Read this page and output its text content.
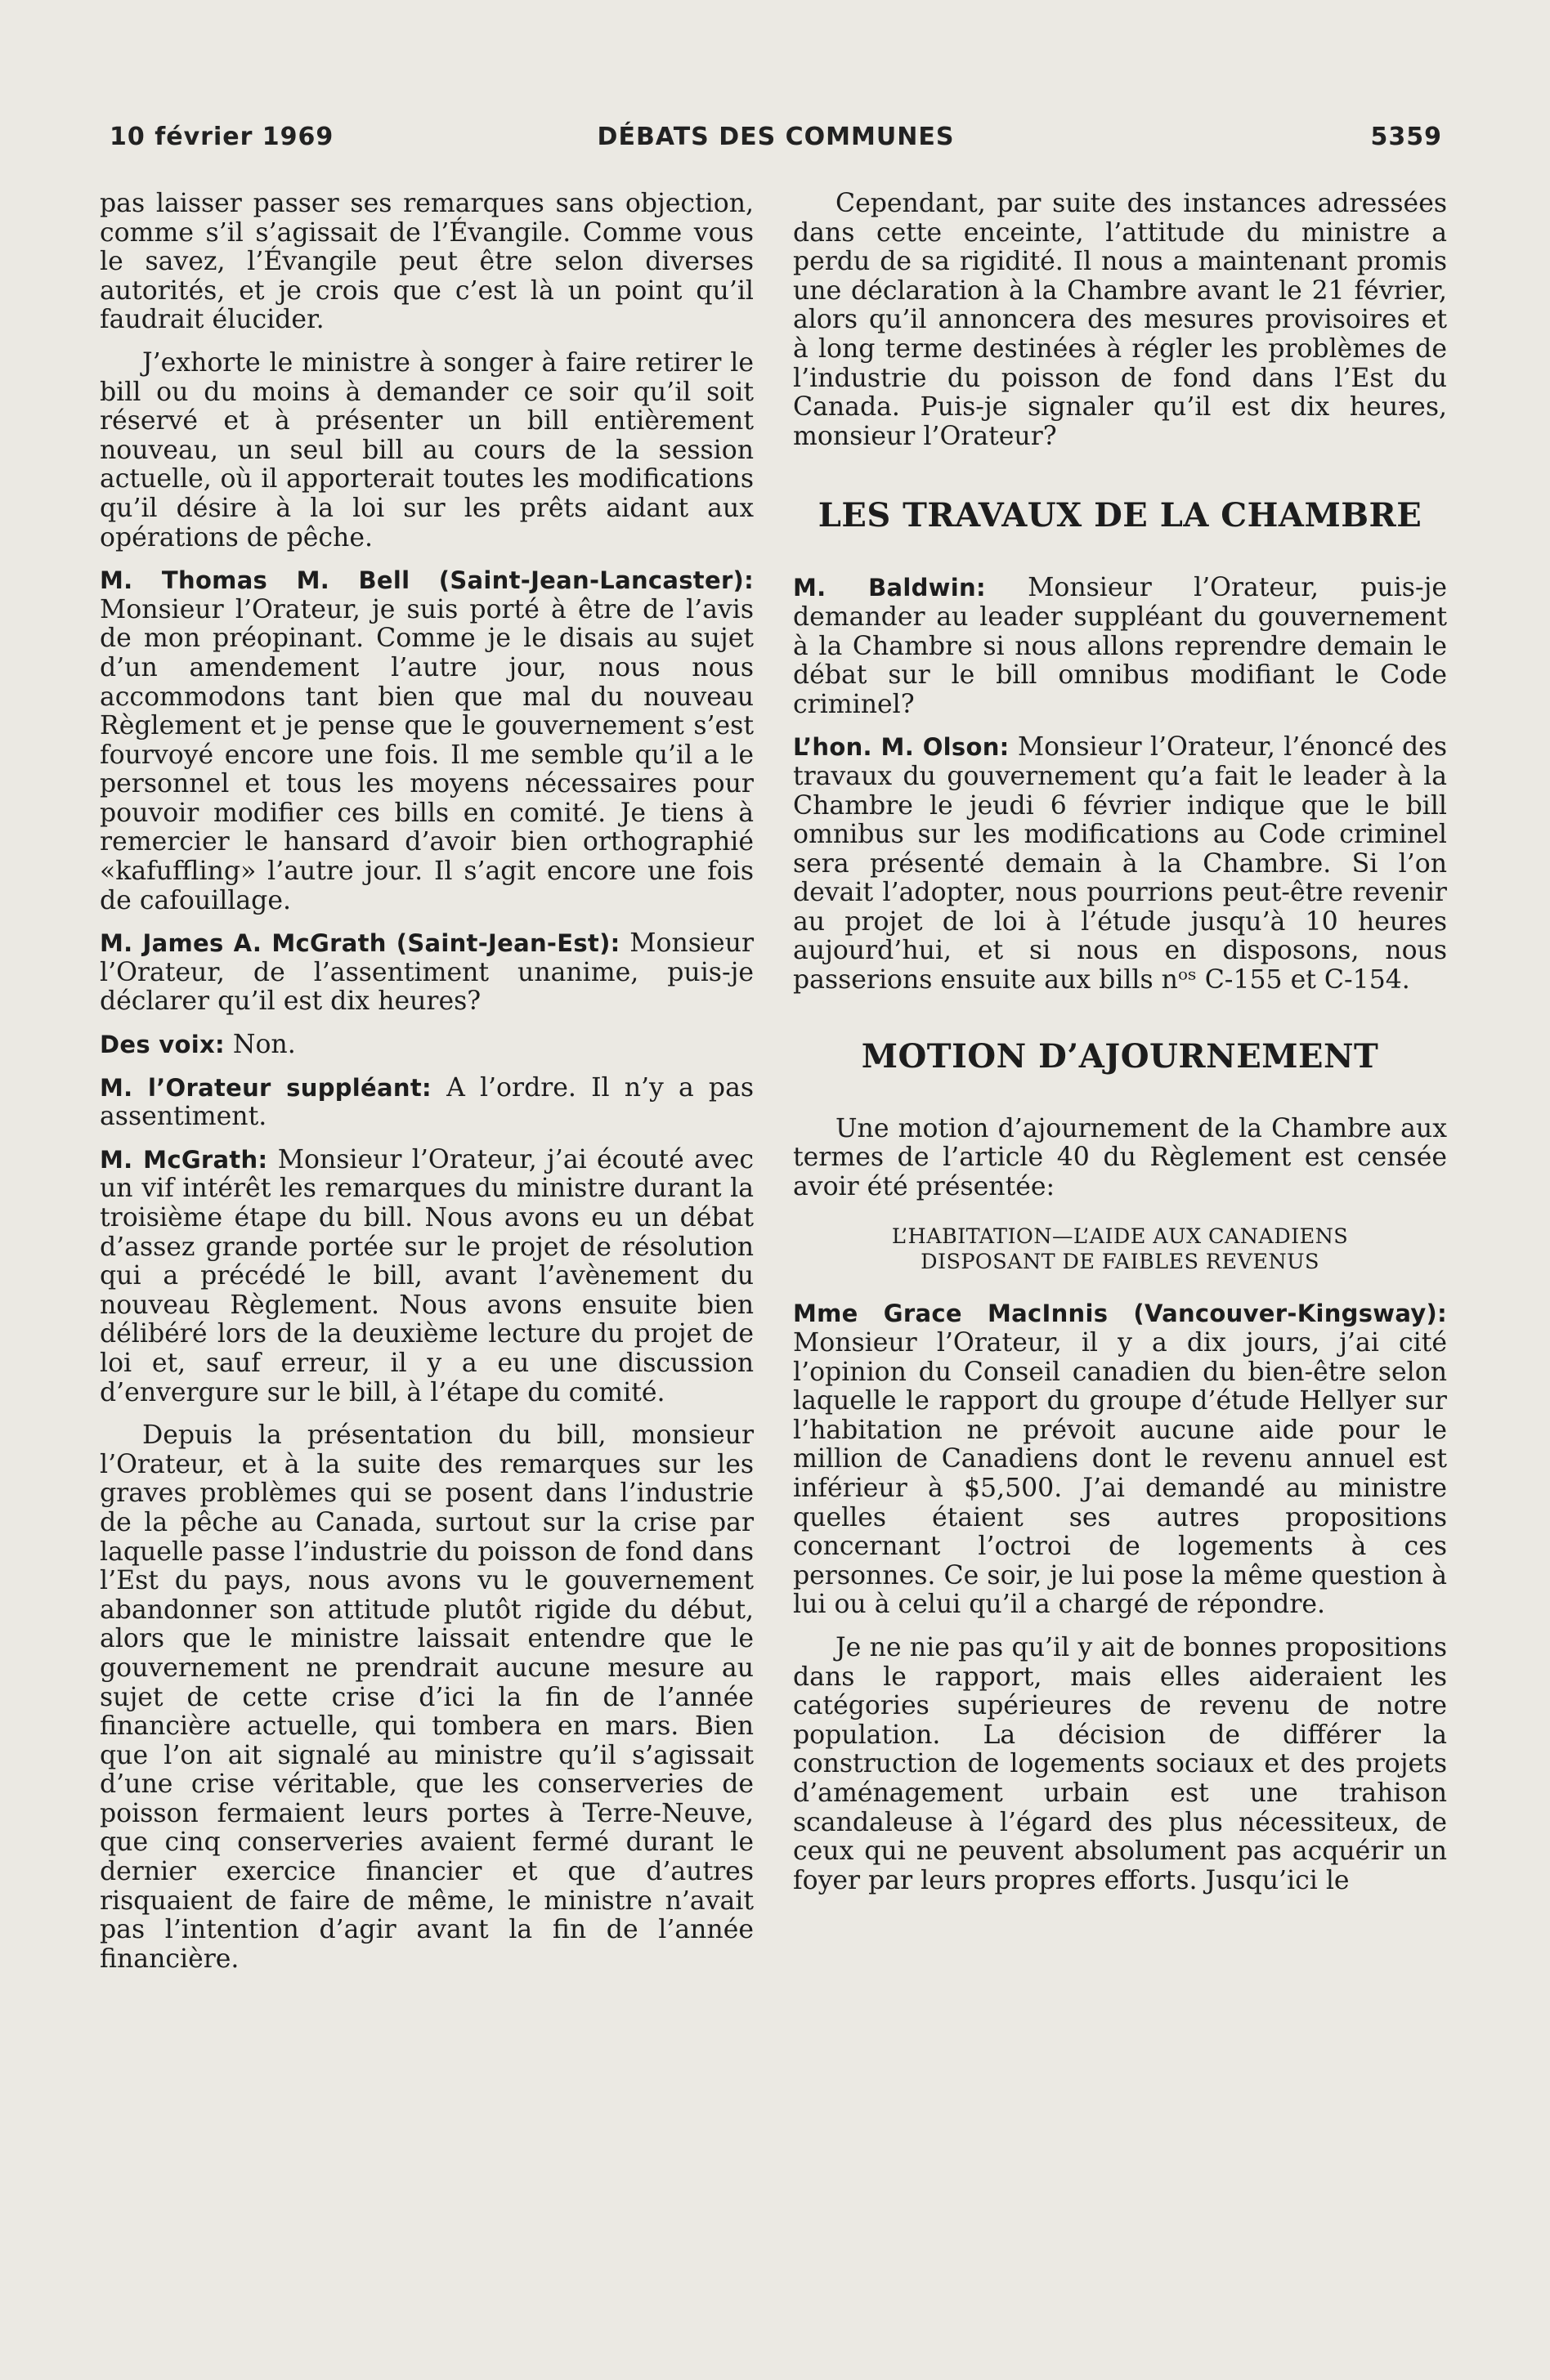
10 février 1969	DÉBATS DES COMMUNES	5359

pas laisser passer ses remarques sans objection, comme s’il s’agissait de l’Évangile. Comme vous le savez, l’Évangile peut être selon diverses autorités, et je crois que c’est là un point qu’il faudrait élucider.

J’exhorte le ministre à songer à faire retirer le bill ou du moins à demander ce soir qu’il soit réservé et à présenter un bill entièrement nouveau, un seul bill au cours de la session actuelle, où il apporterait toutes les modifications qu’il désire à la loi sur les prêts aidant aux opérations de pêche.

M. Thomas M. Bell (Saint-Jean-Lancaster): Monsieur l’Orateur, je suis porté à être de l’avis de mon préopinant. Comme je le disais au sujet d’un amendement l’autre jour, nous nous accommodons tant bien que mal du nouveau Règlement et je pense que le gouvernement s’est fourvoyé encore une fois. Il me semble qu’il a le personnel et tous les moyens nécessaires pour pouvoir modifier ces bills en comité. Je tiens à remercier le hansard d’avoir bien orthographié «kafuffling» l’autre jour. Il s’agit encore une fois de cafouillage.

M. James A. McGrath (Saint-Jean-Est): Monsieur l’Orateur, de l’assentiment unanime, puis-je déclarer qu’il est dix heures?

Des voix: Non.

M. l’Orateur suppléant: A l’ordre. Il n’y a pas assentiment.

M. McGrath: Monsieur l’Orateur, j’ai écouté avec un vif intérêt les remarques du ministre durant la troisième étape du bill. Nous avons eu un débat d’assez grande portée sur le projet de résolution qui a précédé le bill, avant l’avènement du nouveau Règlement. Nous avons ensuite bien délibéré lors de la deuxième lecture du projet de loi et, sauf erreur, il y a eu une discussion d’envergure sur le bill, à l’étape du comité.

Depuis la présentation du bill, monsieur l’Orateur, et à la suite des remarques sur les graves problèmes qui se posent dans l’industrie de la pêche au Canada, surtout sur la crise par laquelle passe l’industrie du poisson de fond dans l’Est du pays, nous avons vu le gouvernement abandonner son attitude plutôt rigide du début, alors que le ministre laissait entendre que le gouvernement ne prendrait aucune mesure au sujet de cette crise d’ici la fin de l’année financière actuelle, qui tombera en mars. Bien que l’on ait signalé au ministre qu’il s’agissait d’une crise véritable, que les conserveries de poisson fermaient leurs portes à Terre-Neuve, que cinq conserveries avaient fermé durant le dernier exercice financier et que d’autres risquaient de faire de même, le ministre n’avait pas l’intention d’agir avant la fin de l’année financière.

Cependant, par suite des instances adressées dans cette enceinte, l’attitude du ministre a perdu de sa rigidité. Il nous a maintenant promis une déclaration à la Chambre avant le 21 février, alors qu’il annoncera des mesures provisoires et à long terme destinées à régler les problèmes de l’industrie du poisson de fond dans l’Est du Canada. Puis-je signaler qu’il est dix heures, monsieur l’Orateur?

LES TRAVAUX DE LA CHAMBRE

M. Baldwin: Monsieur l’Orateur, puis-je demander au leader suppléant du gouvernement à la Chambre si nous allons reprendre demain le débat sur le bill omnibus modifiant le Code criminel?

L’hon. M. Olson: Monsieur l’Orateur, l’énoncé des travaux du gouvernement qu’a fait le leader à la Chambre le jeudi 6 février indique que le bill omnibus sur les modifications au Code criminel sera présenté demain à la Chambre. Si l’on devait l’adopter, nous pourrions peut-être revenir au projet de loi à l’étude jusqu’à 10 heures aujourd’hui, et si nous en disposons, nous passerions ensuite aux bills nᵒˢ C-155 et C-154.

MOTION D’AJOURNEMENT

Une motion d’ajournement de la Chambre aux termes de l’article 40 du Règlement est censée avoir été présentée:

L’HABITATION—L’AIDE AUX CANADIENS
DISPOSANT DE FAIBLES REVENUS

Mme Grace MacInnis (Vancouver-Kingsway): Monsieur l’Orateur, il y a dix jours, j’ai cité l’opinion du Conseil canadien du bien-être selon laquelle le rapport du groupe d’étude Hellyer sur l’habitation ne prévoit aucune aide pour le million de Canadiens dont le revenu annuel est inférieur à $5,500. J’ai demandé au ministre quelles étaient ses autres propositions concernant l’octroi de logements à ces personnes. Ce soir, je lui pose la même question à lui ou à celui qu’il a chargé de répondre.

Je ne nie pas qu’il y ait de bonnes propositions dans le rapport, mais elles aideraient les catégories supérieures de revenu de notre population. La décision de différer la construction de logements sociaux et des projets d’aménagement urbain est une trahison scandaleuse à l’égard des plus nécessiteux, de ceux qui ne peuvent absolument pas acquérir un foyer par leurs propres efforts. Jusqu’ici le
